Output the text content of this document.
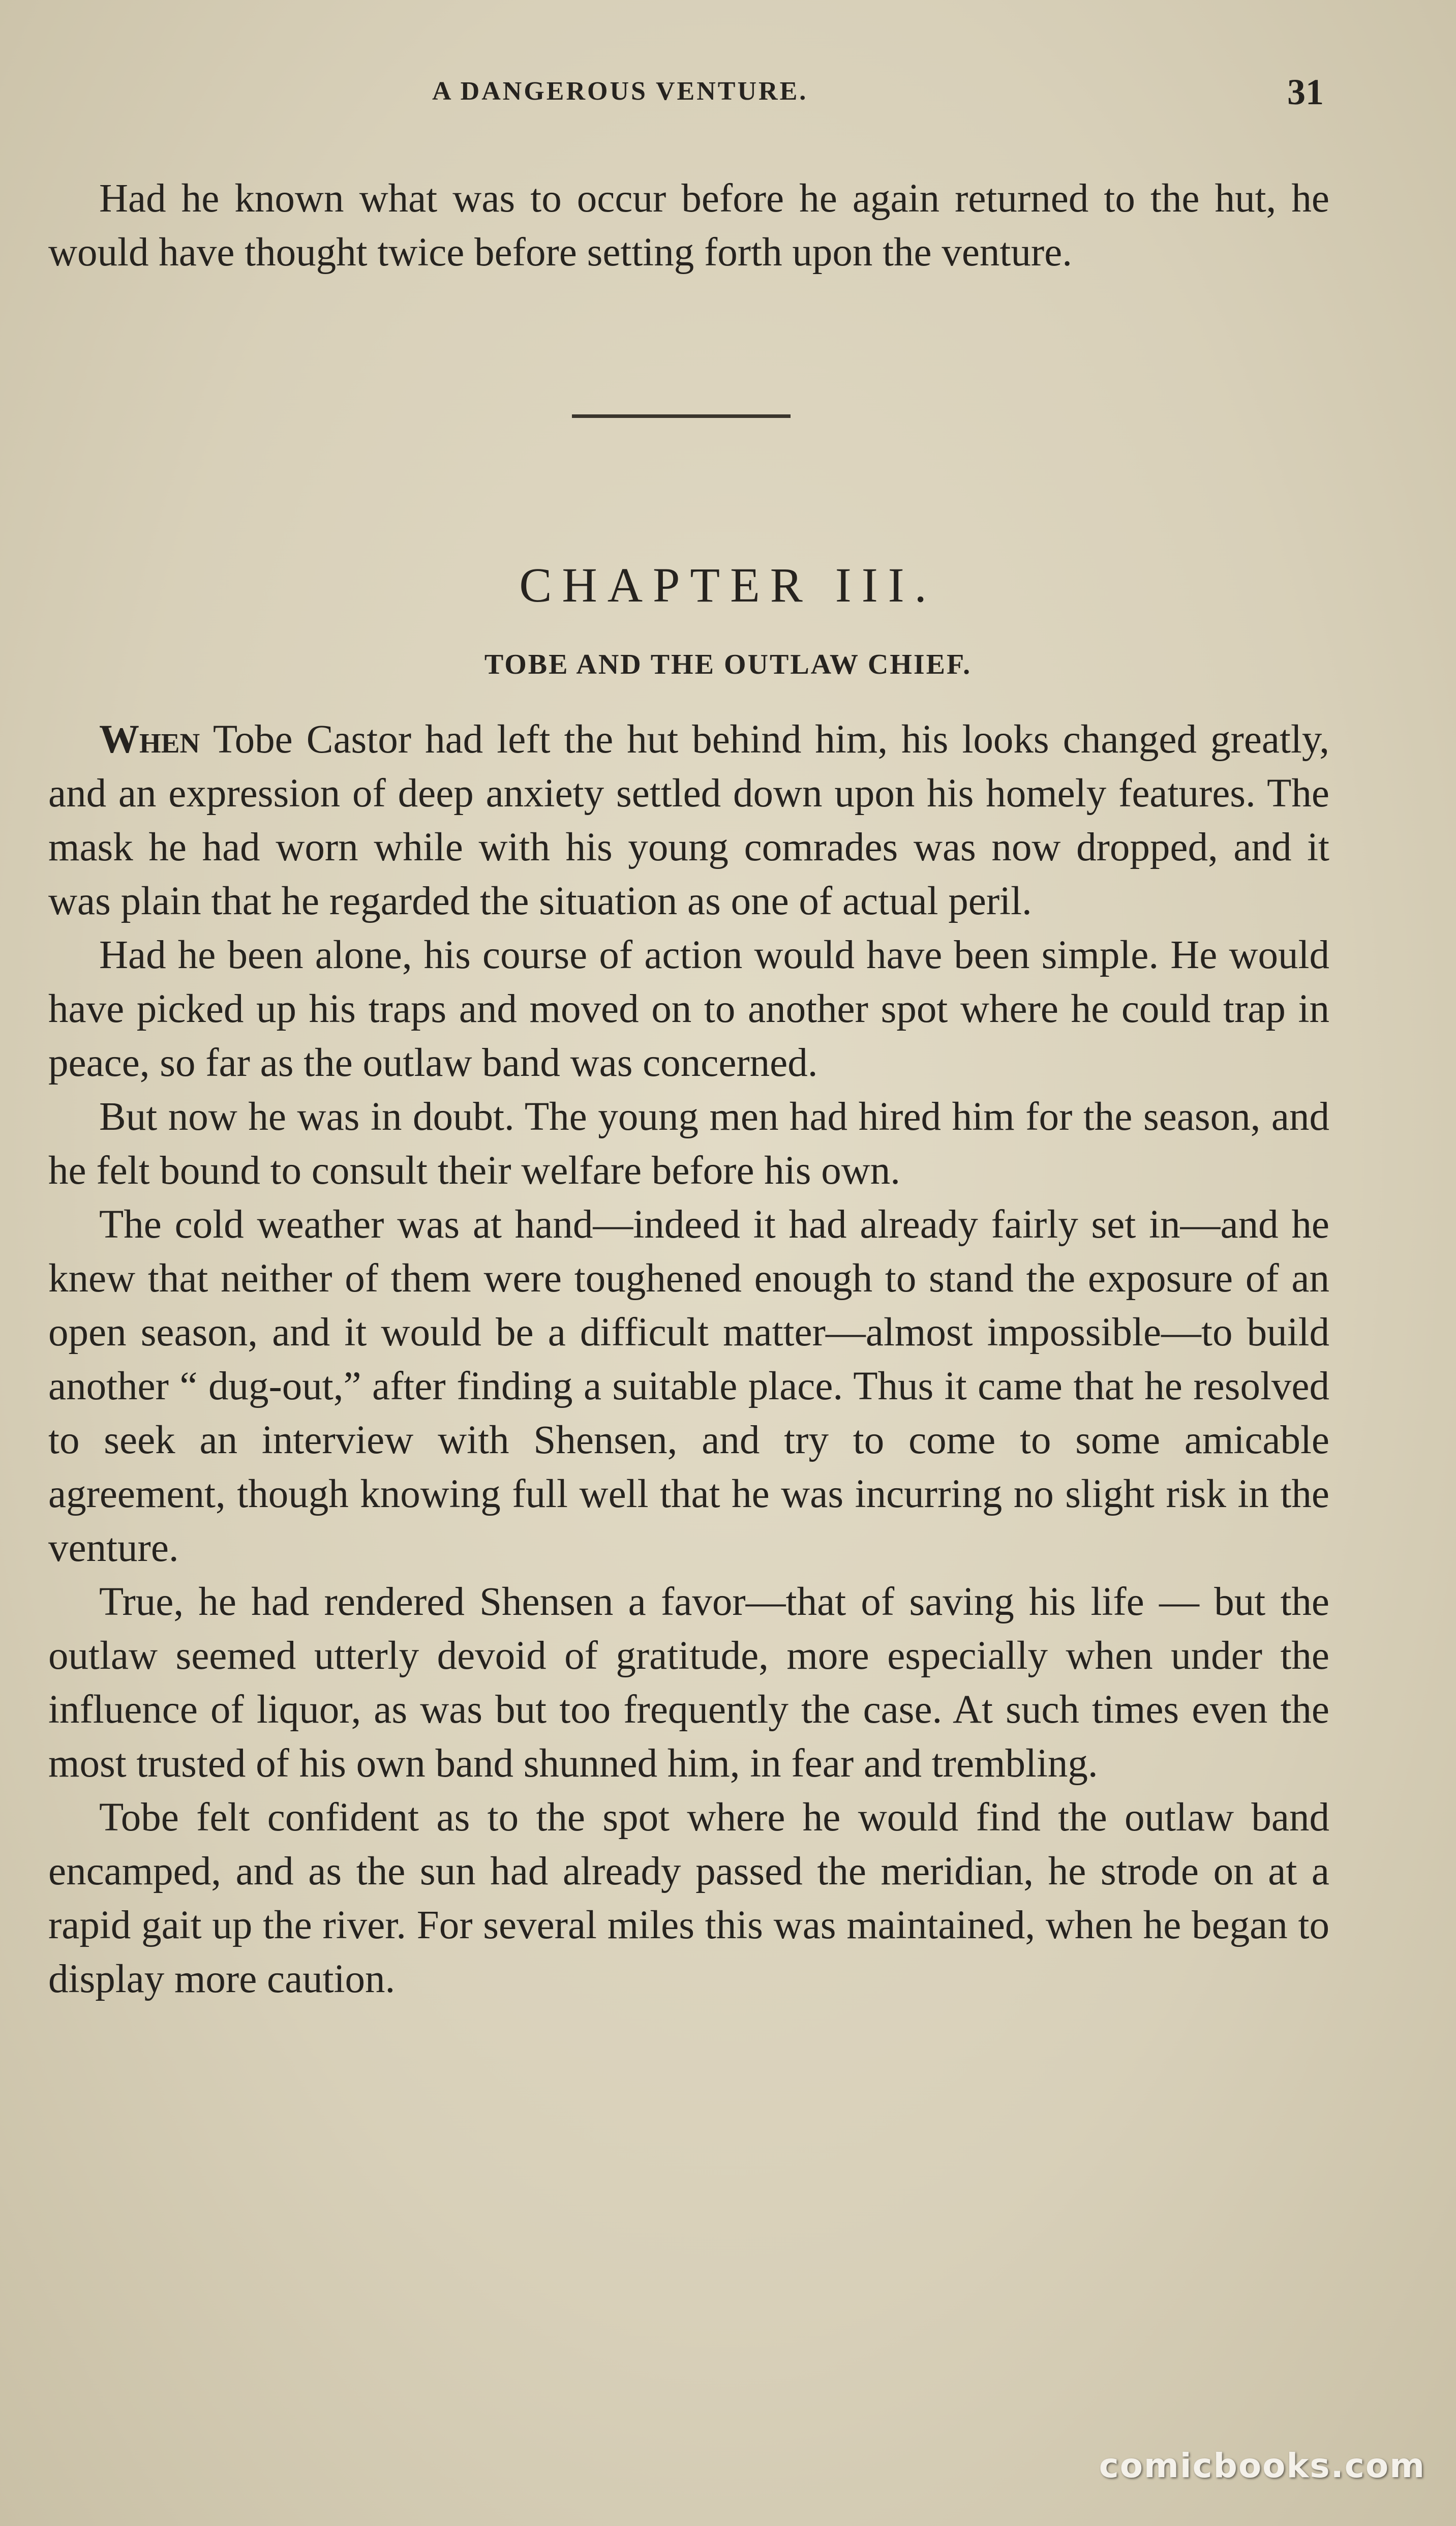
A DANGEROUS VENTURE.	31

Had he known what was to occur before he again returned to the hut, he would have thought twice before setting forth upon the venture.

CHAPTER III.
TOBE AND THE OUTLAW CHIEF.

When Tobe Castor had left the hut behind him, his looks changed greatly, and an expression of deep anxiety settled down upon his homely features. The mask he had worn while with his young comrades was now dropped, and it was plain that he regarded the situation as one of actual peril.

Had he been alone, his course of action would have been simple. He would have picked up his traps and moved on to another spot where he could trap in peace, so far as the outlaw band was concerned.

But now he was in doubt. The young men had hired him for the season, and he felt bound to consult their welfare before his own.

The cold weather was at hand—indeed it had already fairly set in—and he knew that neither of them were toughened enough to stand the exposure of an open season, and it would be a difficult matter—almost impossible—to build another “ dug-out,” after finding a suitable place. Thus it came that he resolved to seek an interview with Shensen, and try to come to some amicable agreement, though knowing full well that he was incurring no slight risk in the venture.

True, he had rendered Shensen a favor—that of saving his life — but the outlaw seemed utterly devoid of gratitude, more especially when under the influence of liquor, as was but too frequently the case. At such times even the most trusted of his own band shunned him, in fear and trembling.

Tobe felt confident as to the spot where he would find the outlaw band encamped, and as the sun had already passed the meridian, he strode on at a rapid gait up the river. For several miles this was maintained, when he began to display more caution.

comicbooks.com
